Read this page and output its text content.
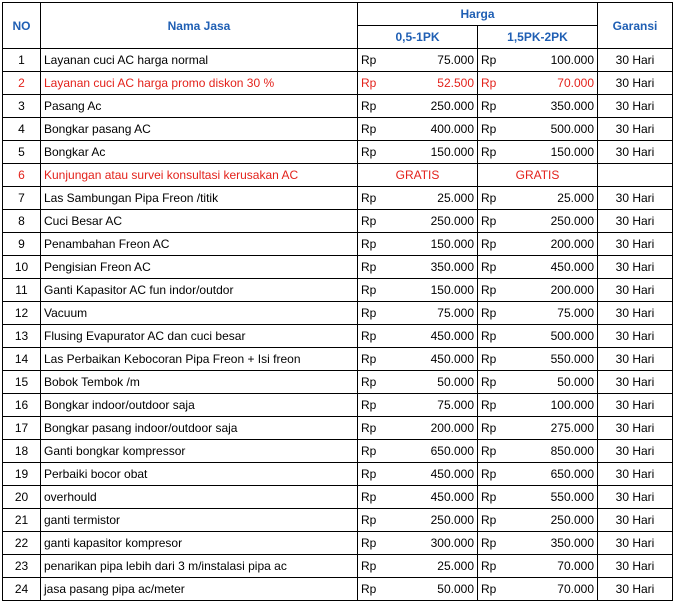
NO	Nama Jasa	Harga				Garansi
		0,5-1PK		1,5PK-2PK		
1	Layanan cuci AC harga normal	Rp	75.000	Rp	100.000	30 Hari
2	Layanan cuci AC harga promo diskon 30 %	Rp	52.500	Rp	70.000	30 Hari
3	Pasang Ac	Rp	250.000	Rp	350.000	30 Hari
4	Bongkar pasang AC	Rp	400.000	Rp	500.000	30 Hari
5	Bongkar Ac	Rp	150.000	Rp	150.000	30 Hari
6	Kunjungan atau survei konsultasi kerusakan AC	GRATIS		GRATIS		
7	Las Sambungan Pipa Freon /titik	Rp	25.000	Rp	25.000	30 Hari
8	Cuci Besar AC	Rp	250.000	Rp	250.000	30 Hari
9	Penambahan Freon AC	Rp	150.000	Rp	200.000	30 Hari
10	Pengisian Freon AC	Rp	350.000	Rp	450.000	30 Hari
11	Ganti Kapasitor AC fun indor/outdor	Rp	150.000	Rp	200.000	30 Hari
12	Vacuum	Rp	75.000	Rp	75.000	30 Hari
13	Flusing Evapurator AC dan cuci besar	Rp	450.000	Rp	500.000	30 Hari
14	Las Perbaikan Kebocoran Pipa Freon + Isi freon	Rp	450.000	Rp	550.000	30 Hari
15	Bobok Tembok /m	Rp	50.000	Rp	50.000	30 Hari
16	Bongkar indoor/outdoor saja	Rp	75.000	Rp	100.000	30 Hari
17	Bongkar pasang indoor/outdoor saja	Rp	200.000	Rp	275.000	30 Hari
18	Ganti bongkar kompressor	Rp	650.000	Rp	850.000	30 Hari
19	Perbaiki bocor obat	Rp	450.000	Rp	650.000	30 Hari
20	overhould	Rp	450.000	Rp	550.000	30 Hari
21	ganti termistor	Rp	250.000	Rp	250.000	30 Hari
22	ganti kapasitor kompresor	Rp	300.000	Rp	350.000	30 Hari
23	penarikan pipa lebih dari 3 m/instalasi pipa ac	Rp	25.000	Rp	70.000	30 Hari
24	jasa pasang pipa ac/meter	Rp	50.000	Rp	70.000	30 Hari
